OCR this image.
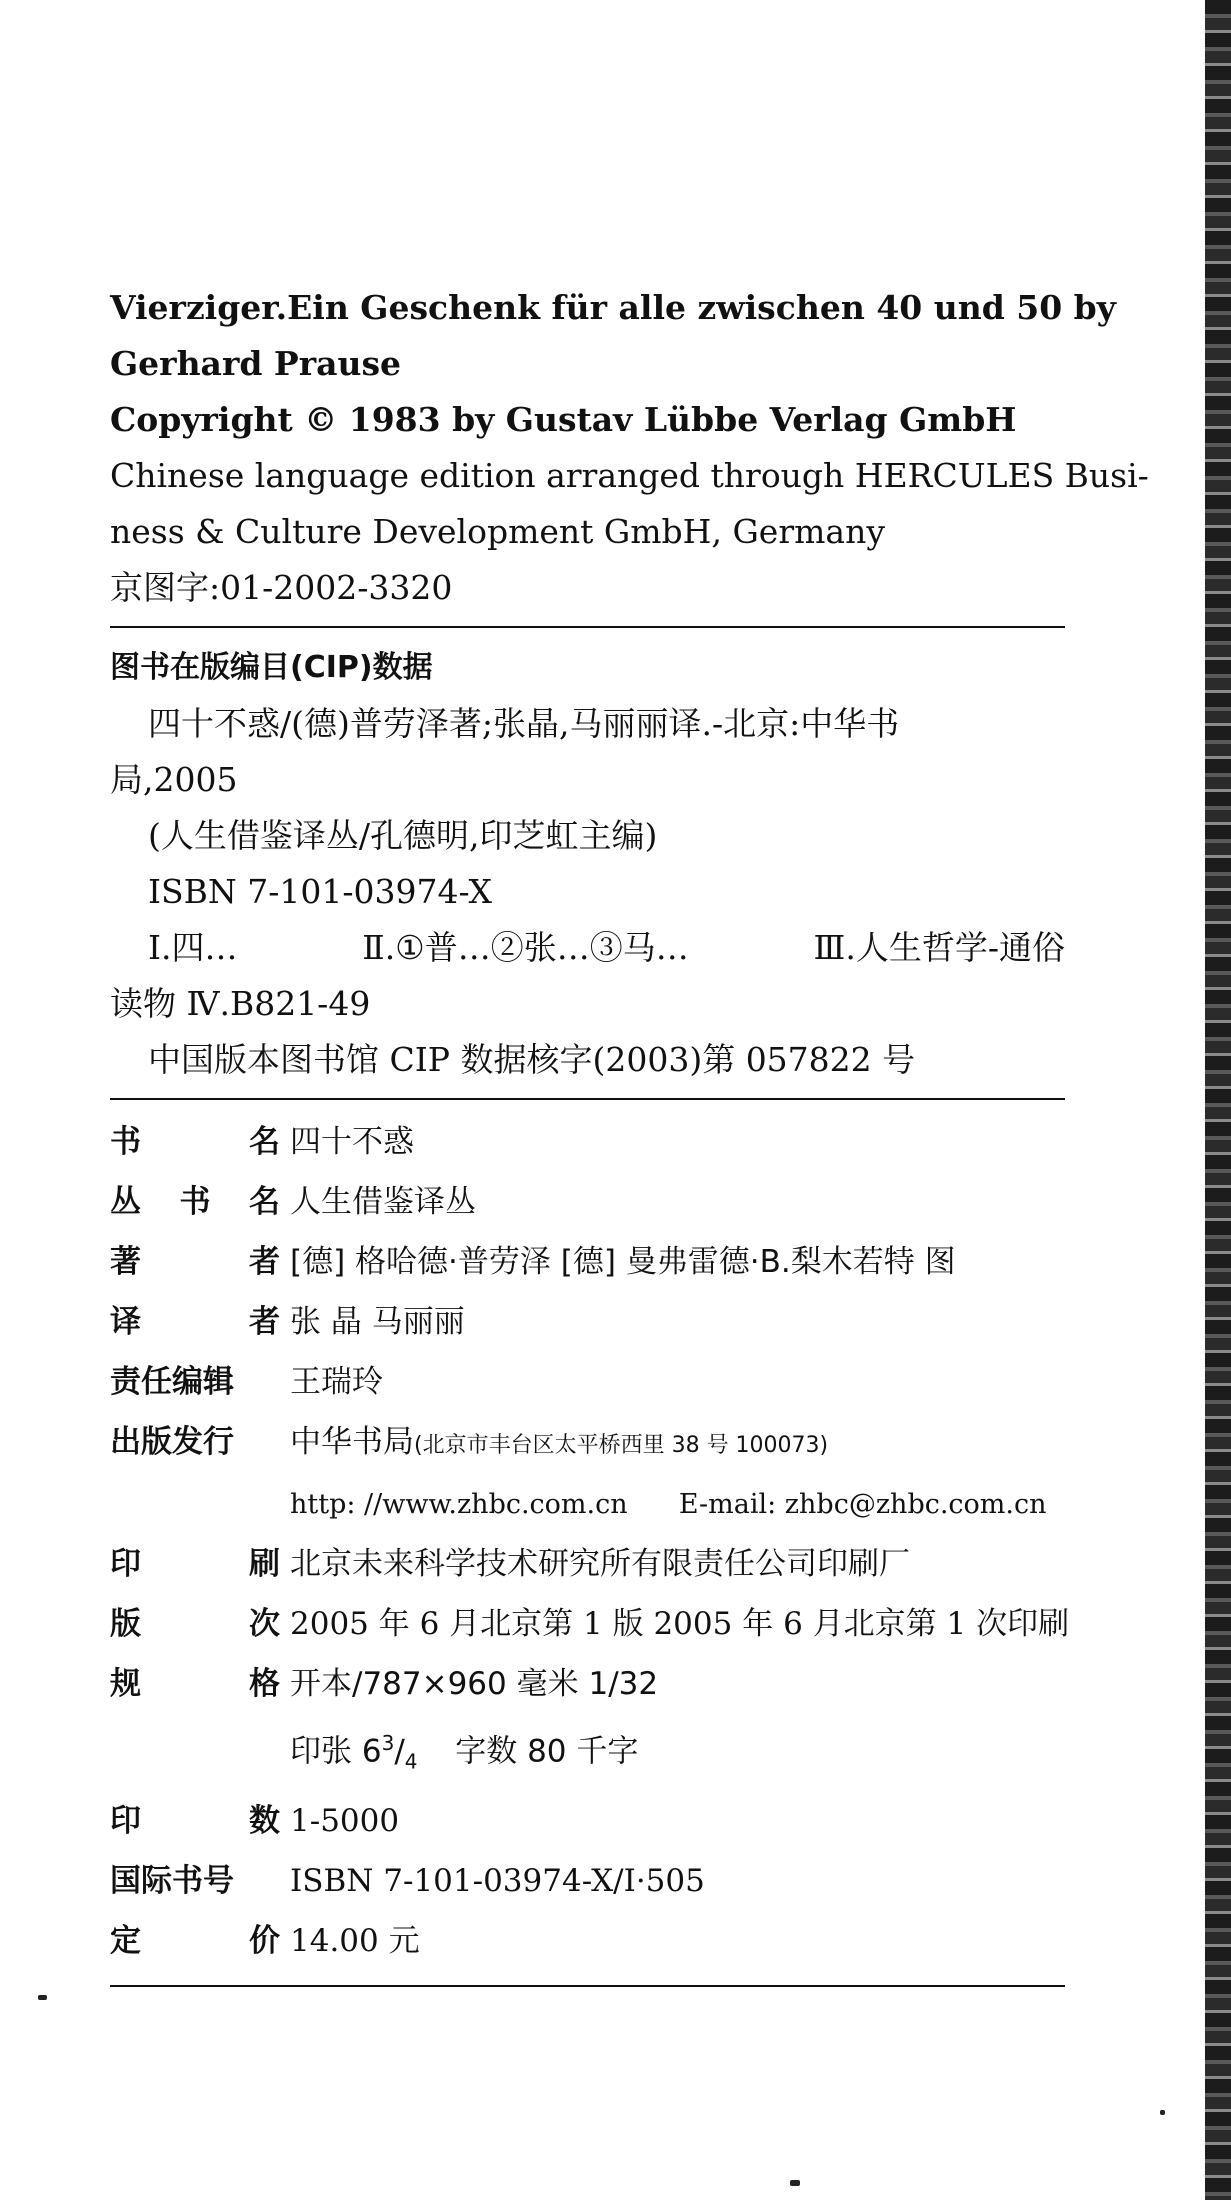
Vierziger.Ein Geschenk für alle zwischen 40 und 50 by
Gerhard Prause
Copyright © 1983 by Gustav Lübbe Verlag GmbH
Chinese language edition arranged through HERCULES Busi-
ness & Culture Development GmbH, Germany
京图字:01-2002-3320
图书在版编目(CIP)数据
四十不惑/(德)普劳泽著;张晶,马丽丽译.-北京:中华书
局,2005
(人生借鉴译丛/孔德明,印芝虹主编)
ISBN 7-101-03974-X
Ⅰ.四…	Ⅱ.①普…②张…③马…	Ⅲ.人生哲学-通俗
读物 Ⅳ.B821-49
中国版本图书馆 CIP 数据核字(2003)第 057822 号
书	名 四十不惑
丛 书 名 人生借鉴译丛
著	者 [德] 格哈德·普劳泽 [德] 曼弗雷德·B.梨木若特 图
译	者 张 晶 马丽丽
责任编辑	王瑞玲
出版发行	中华书局(北京市丰台区太平桥西里 38 号 100073)
http: //www.zhbc.com.cn E-mail: zhbc@zhbc.com.cn
印	刷 北京未来科学技术研究所有限责任公司印刷厂
版	次 2005 年 6 月北京第 1 版 2005 年 6 月北京第 1 次印刷
规	格 开本/787×960 毫米 1/32
印张 $6^3/_4$ 字数 80 千字
印	数 1-5000
国际书号	ISBN 7-101-03974-X/I·505
定	价 14.00 元
